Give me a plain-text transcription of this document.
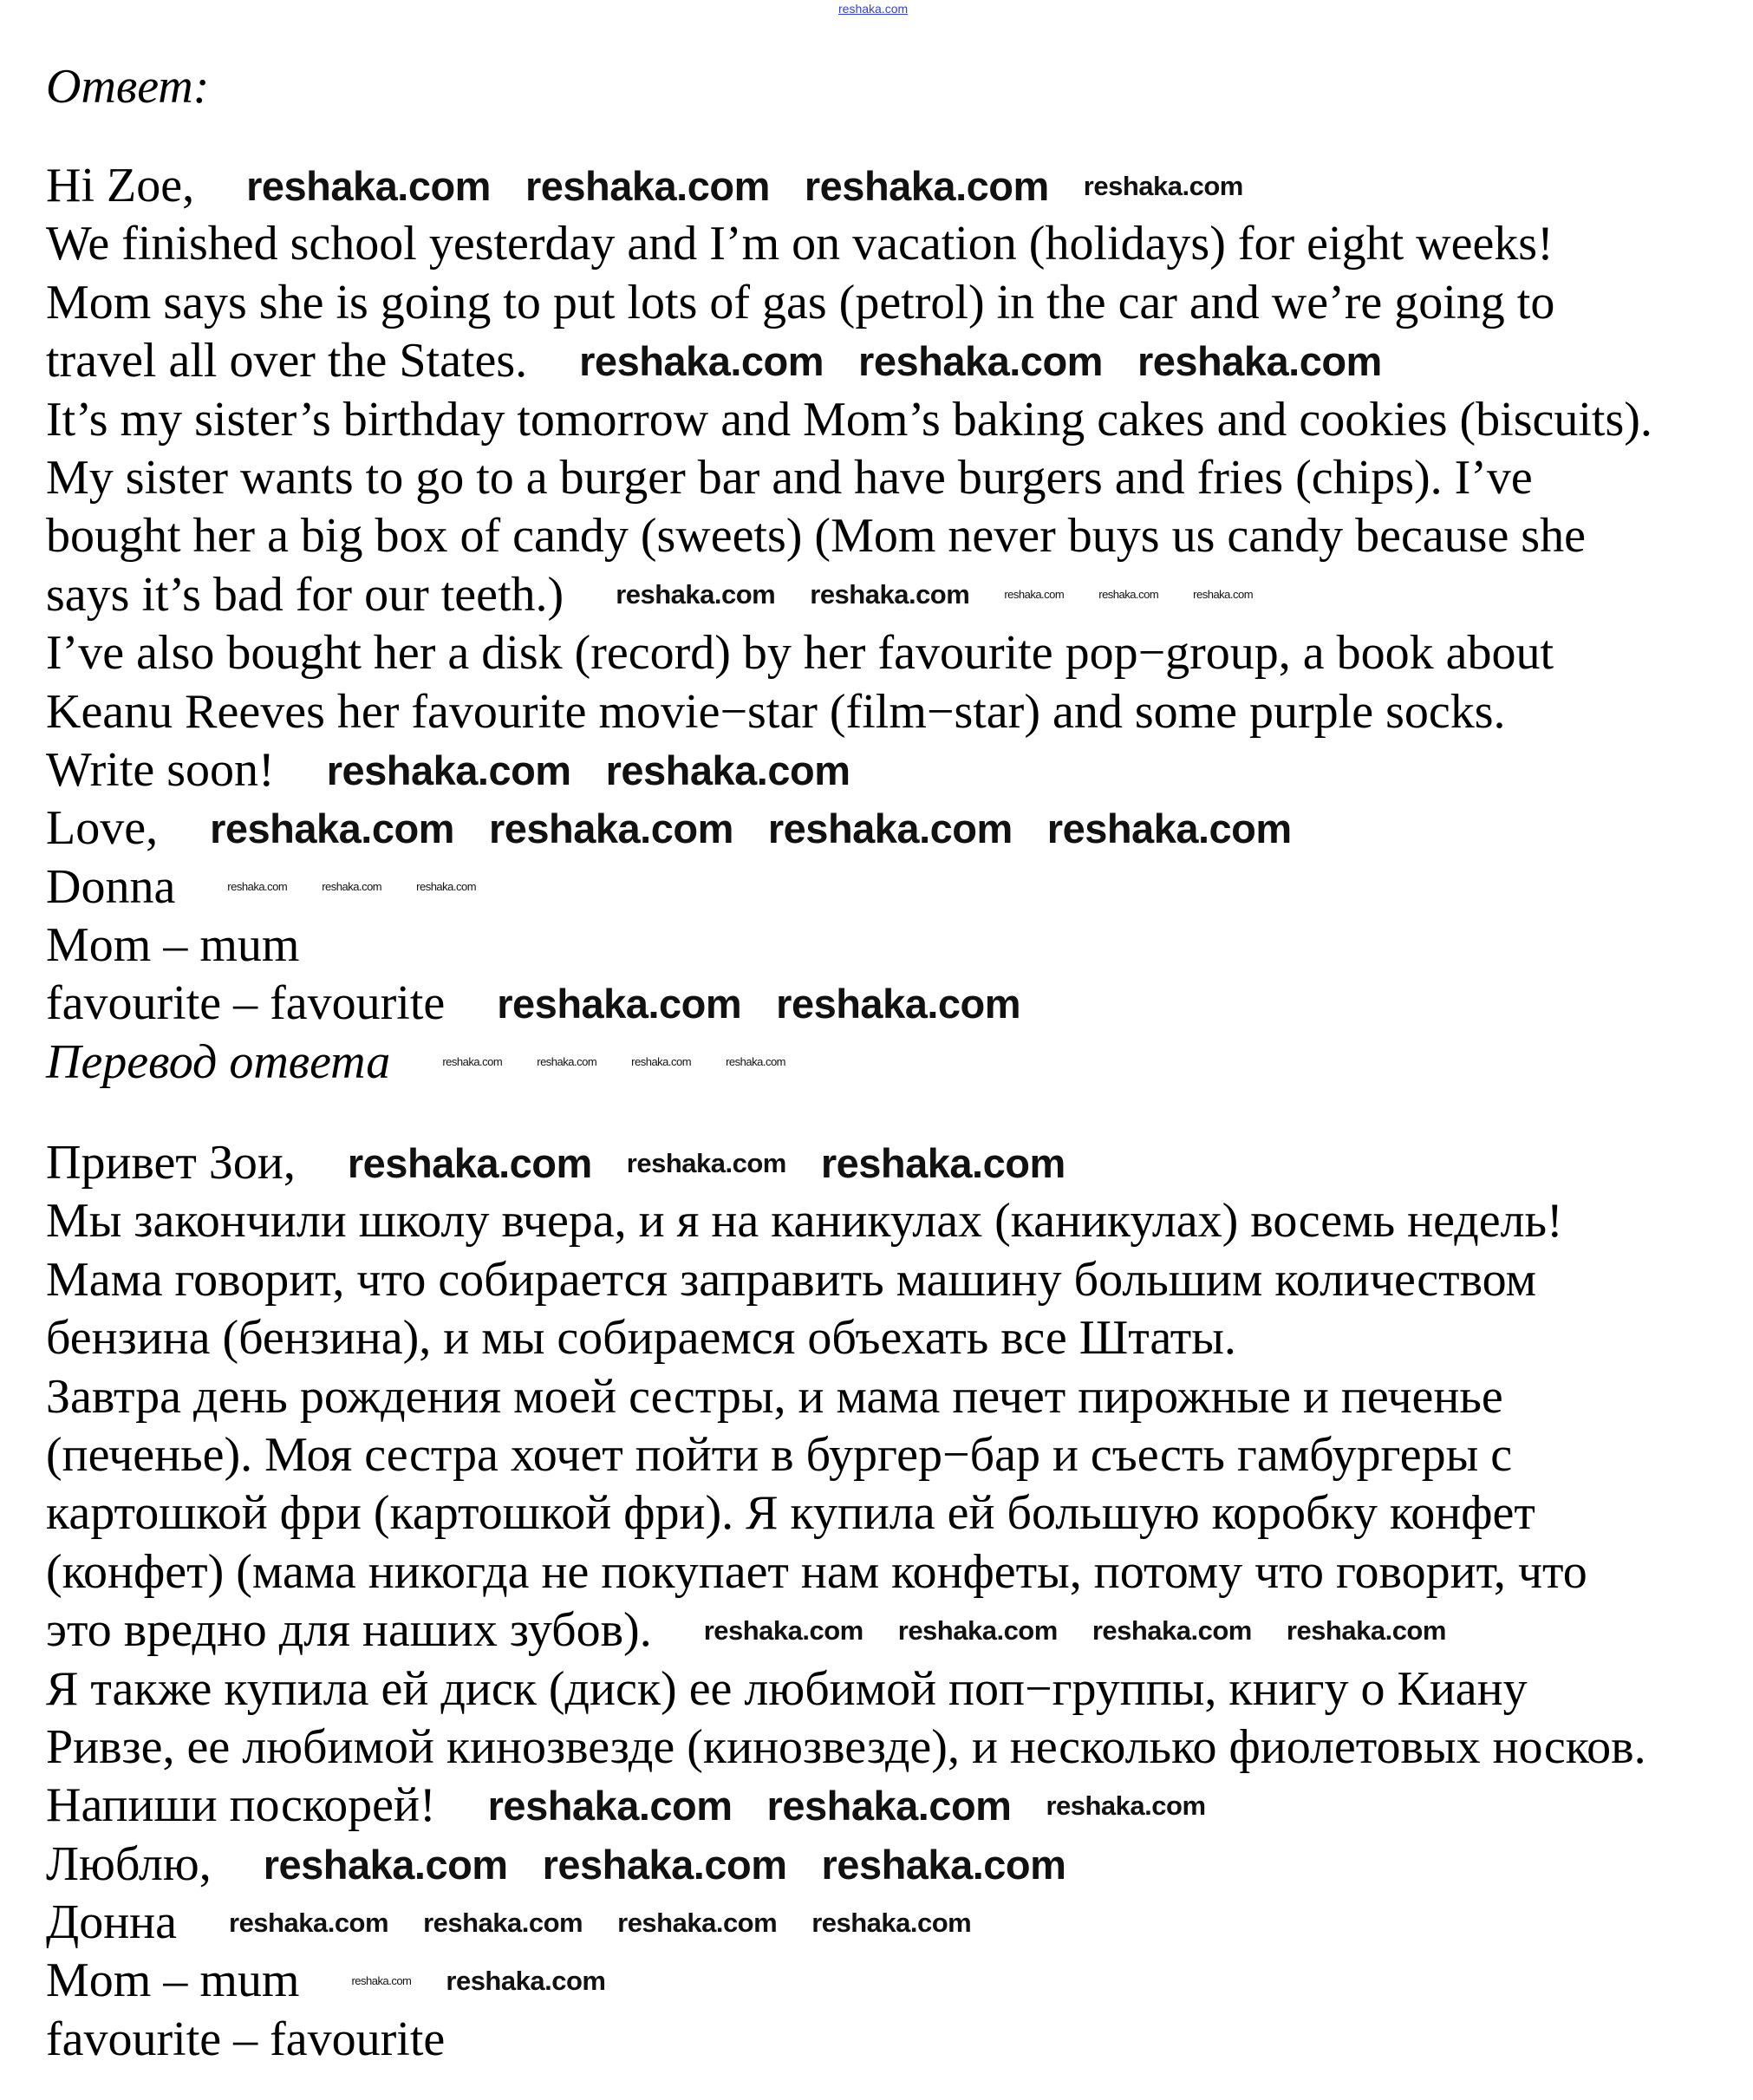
reshaka.com
Ответ:
Hi Zoe, reshaka.com reshaka.com reshaka.com reshaka.com
We finished school yesterday and I’m on vacation (holidays) for eight weeks!
Mom says she is going to put lots of gas (petrol) in the car and we’re going to
travel all over the States. reshaka.com reshaka.com reshaka.com
It’s my sister’s birthday tomorrow and Mom’s baking cakes and cookies (biscuits).
My sister wants to go to a burger bar and have burgers and fries (chips). I’ve
bought her a big box of candy (sweets) (Mom never buys us candy because she
says it’s bad for our teeth.) reshaka.com reshaka.com	reshaka.com	reshaka.com	reshaka.com
I’ve also bought her a disk (record) by her favourite pop−group, a book about
Keanu Reeves her favourite movie−star (film−star) and some purple socks.
Write soon! reshaka.com reshaka.com
Love, reshaka.com reshaka.com reshaka.com reshaka.com
Donna	reshaka.com	reshaka.com	reshaka.com
Mom – mum
favourite – favourite reshaka.com reshaka.com
Перевод ответа	reshaka.com	reshaka.com	reshaka.com	reshaka.com
Привет Зои, reshaka.com reshaka.com reshaka.com
Мы закончили школу вчера, и я на каникулах (каникулах) восемь недель!
Мама говорит, что собирается заправить машину большим количеством
бензина (бензина), и мы собираемся объехать все Штаты.
Завтра день рождения моей сестры, и мама печет пирожные и печенье
(печенье). Моя сестра хочет пойти в бургер−бар и съесть гамбургеры с
картошкой фри (картошкой фри). Я купила ей большую коробку конфет
(конфет) (мама никогда не покупает нам конфеты, потому что говорит, что
это вредно для наших зубов). reshaka.com reshaka.com reshaka.com reshaka.com
Я также купила ей диск (диск) ее любимой поп−группы, книгу о Киану
Ривзе, ее любимой кинозвезде (кинозвезде), и несколько фиолетовых носков.
Напиши поскорей! reshaka.com reshaka.com reshaka.com
Люблю, reshaka.com reshaka.com reshaka.com
Донна reshaka.com reshaka.com reshaka.com reshaka.com
Mom – mum	reshaka.com reshaka.com
favourite – favourite
